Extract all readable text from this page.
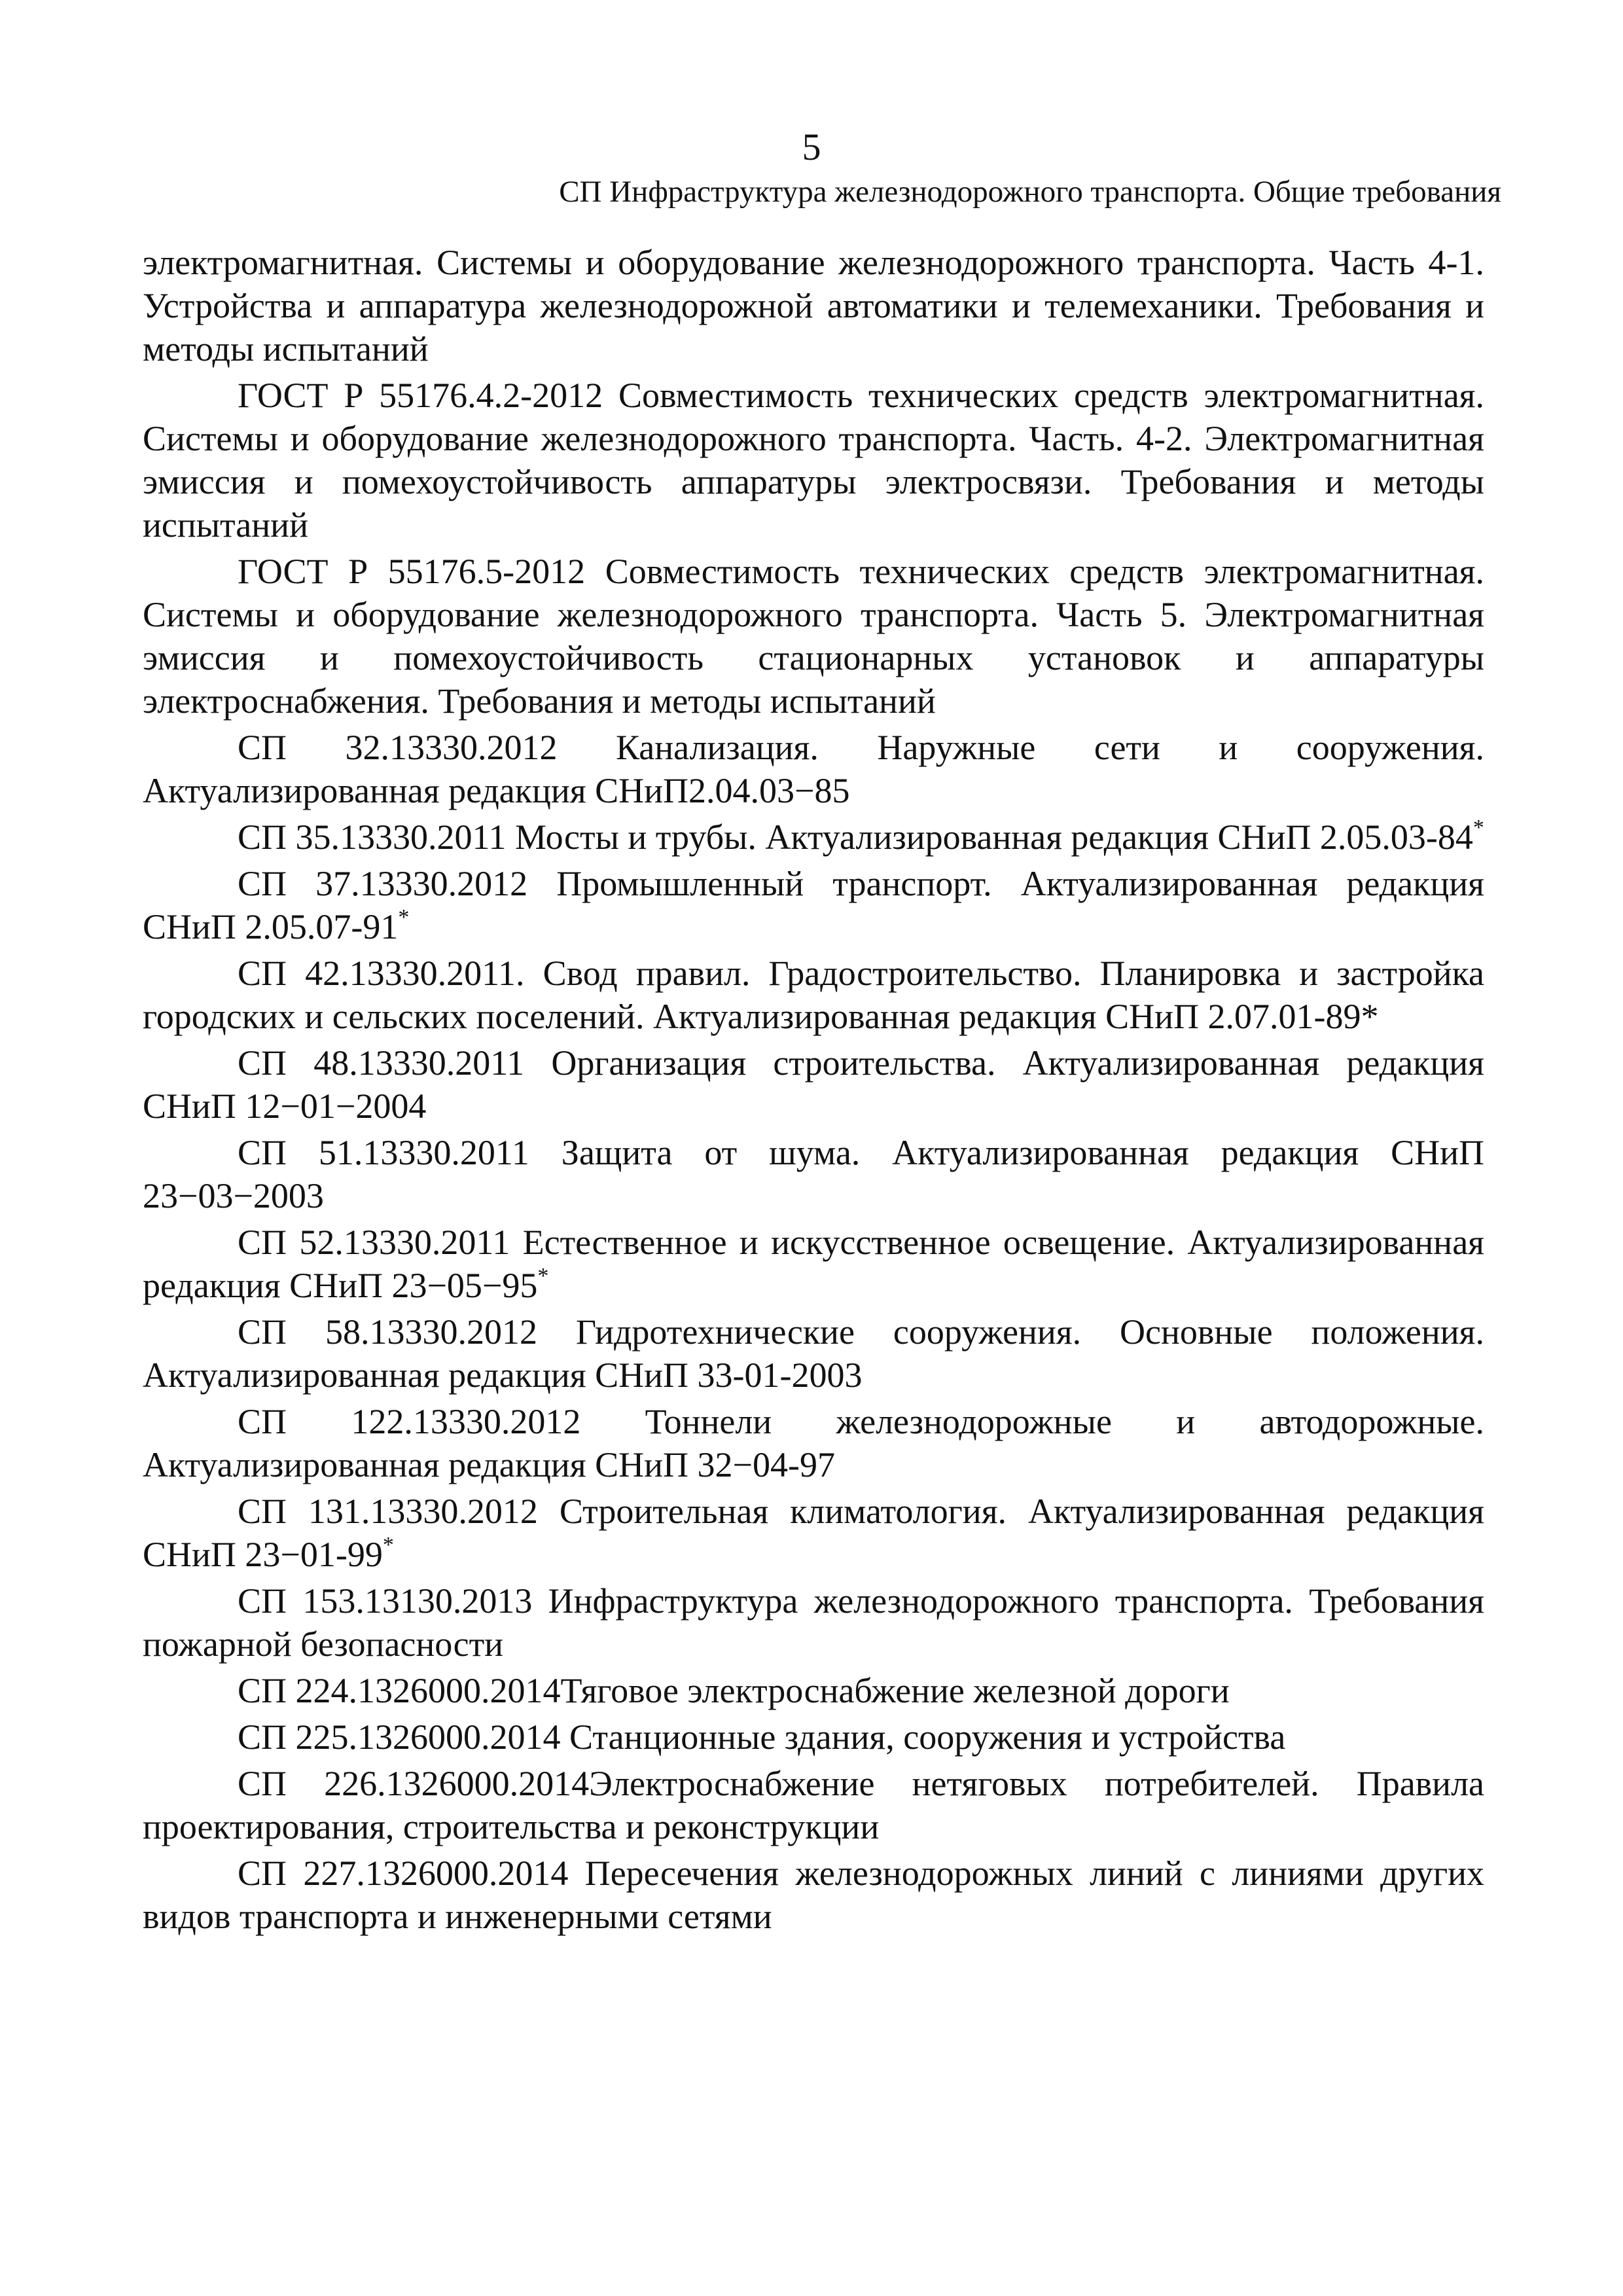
5
СП Инфраструктура железнодорожного транспорта. Общие требования

электромагнитная. Системы и оборудование железнодорожного транспорта. Часть 4-1. Устройства и аппаратура железнодорожной автоматики и телемеханики. Требования и методы испытаний

ГОСТ Р 55176.4.2-2012 Совместимость технических средств электромагнитная. Системы и оборудование железнодорожного транспорта. Часть. 4-2. Электромагнитная эмиссия и помехоустойчивость аппаратуры электросвязи. Требования и методы испытаний

ГОСТ Р 55176.5-2012 Совместимость технических средств электромагнитная. Системы и оборудование железнодорожного транспорта. Часть 5. Электромагнитная эмиссия и помехоустойчивость стационарных установок и аппаратуры электроснабжения. Требования и методы испытаний

СП 32.13330.2012 Канализация. Наружные сети и сооружения. Актуализированная редакция СНиП2.04.03−85

СП 35.13330.2011 Мосты и трубы. Актуализированная редакция СНиП 2.05.03-84*

СП 37.13330.2012 Промышленный транспорт. Актуализированная редакция СНиП 2.05.07-91*

СП 42.13330.2011. Свод правил. Градостроительство. Планировка и застройка городских и сельских поселений. Актуализированная редакция СНиП 2.07.01-89*

СП 48.13330.2011 Организация строительства. Актуализированная редакция СНиП 12−01−2004

СП 51.13330.2011 Защита от шума. Актуализированная редакция СНиП 23−03−2003

СП 52.13330.2011 Естественное и искусственное освещение. Актуализированная редакция СНиП 23−05−95*

СП 58.13330.2012 Гидротехнические сооружения. Основные положения. Актуализированная редакция СНиП 33-01-2003

СП 122.13330.2012 Тоннели железнодорожные и автодорожные. Актуализированная редакция СНиП 32−04-97

СП 131.13330.2012 Строительная климатология. Актуализированная редакция СНиП 23−01-99*

СП 153.13130.2013 Инфраструктура железнодорожного транспорта. Требования пожарной безопасности

СП 224.1326000.2014Тяговое электроснабжение железной дороги

СП 225.1326000.2014 Станционные здания, сооружения и устройства

СП 226.1326000.2014Электроснабжение нетяговых потребителей. Правила проектирования, строительства и реконструкции

СП 227.1326000.2014 Пересечения железнодорожных линий с линиями других видов транспорта и инженерными сетями
